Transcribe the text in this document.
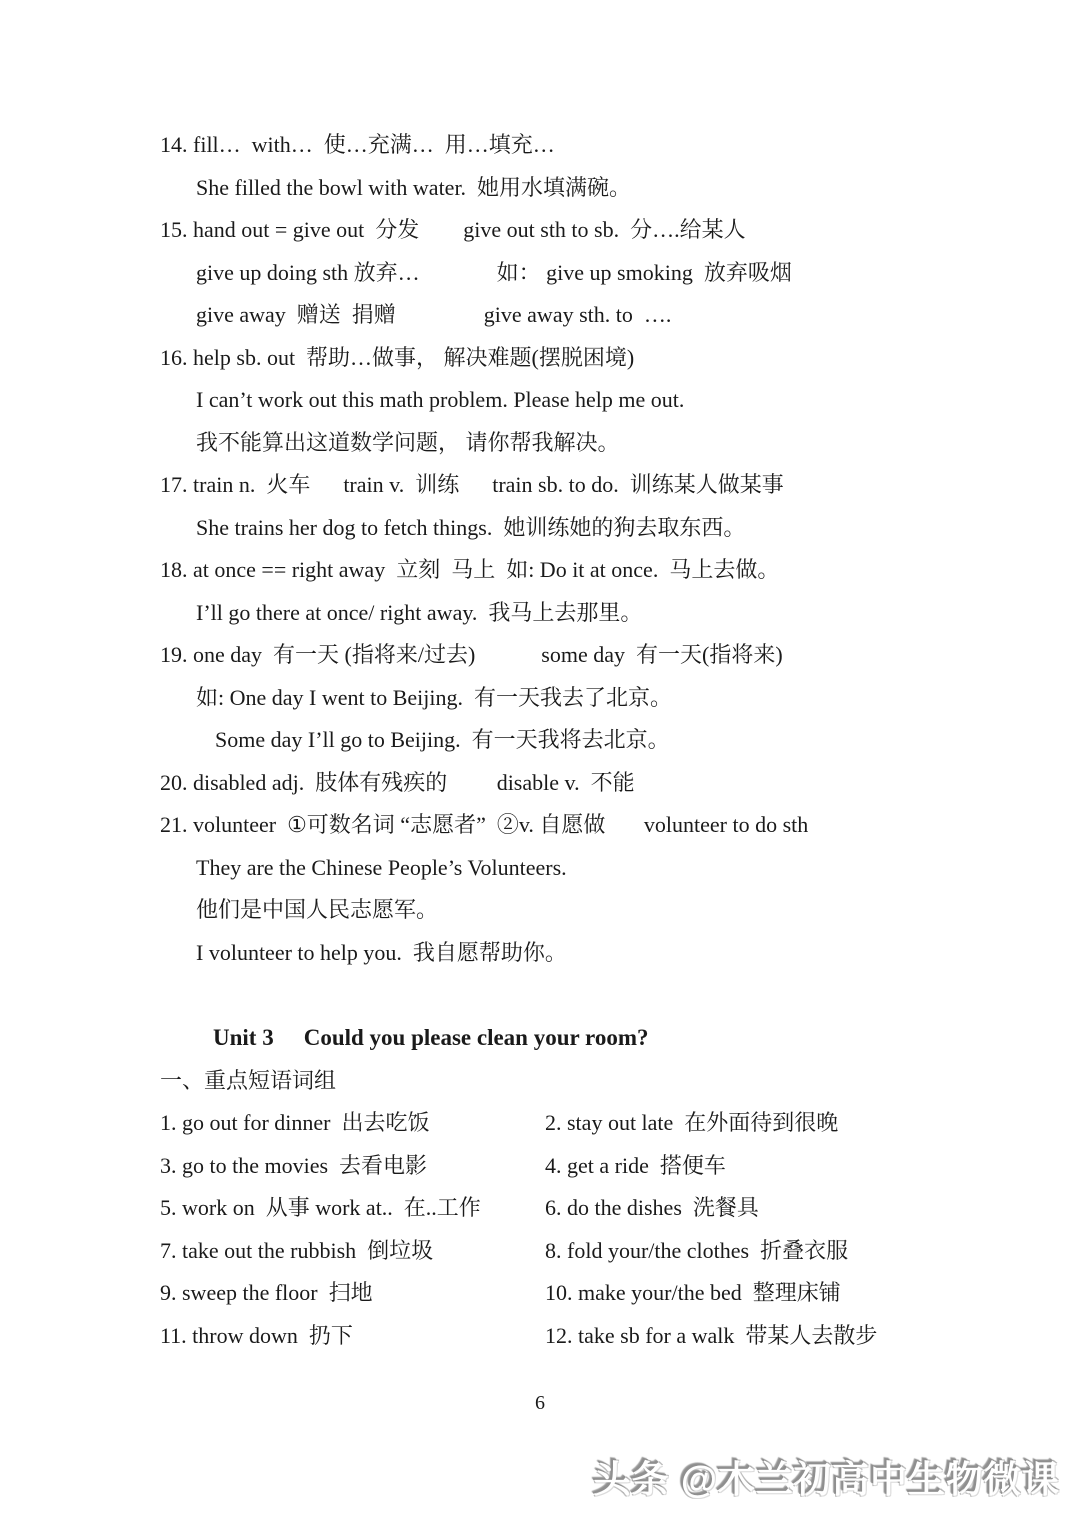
14. fill…  with…  使…充满…  用…填充…

She filled the bowl with water.  她用水填满碗。

15. hand out = give out  分发        give out sth to sb.  分….给某人

give up doing sth 放弃…              如： give up smoking  放弃吸烟

give away  赠送  捐赠                give away sth. to  ….

16. help sb. out  帮助…做事， 解决难题(摆脱困境)

I can’t work out this math problem. Please help me out.

我不能算出这道数学问题， 请你帮我解决。

17. train n.  火车      train v.  训练      train sb. to do.  训练某人做某事

She trains her dog to fetch things.  她训练她的狗去取东西。

18. at once == right away  立刻  马上  如: Do it at once.  马上去做。

I’ll go there at once/ right away.  我马上去那里。

19. one day  有一天 (指将来/过去)            some day  有一天(指将来)

如: One day I went to Beijing.  有一天我去了北京。

Some day I’ll go to Beijing.  有一天我将去北京。

20. disabled adj.  肢体有残疾的         disable v.  不能

21. volunteer  ①可数名词 “志愿者”  ②v. 自愿做       volunteer to do sth

They are the Chinese People’s Volunteers.

他们是中国人民志愿军。

I volunteer to help you.  我自愿帮助你。

Unit 3 Could you please clean your room?

一、重点短语词组

1. go out for dinner  出去吃饭	2. stay out late  在外面待到很晚

3. go to the movies  去看电影	4. get a ride  搭便车

5. work on  从事 work at..  在..工作	6. do the dishes  洗餐具

7. take out the rubbish  倒垃圾	8. fold your/the clothes  折叠衣服

9. sweep the floor  扫地	10. make your/the bed  整理床铺

11. throw down  扔下	12. take sb for a walk  带某人去散步

6
头条 @木兰初高中生物微课
